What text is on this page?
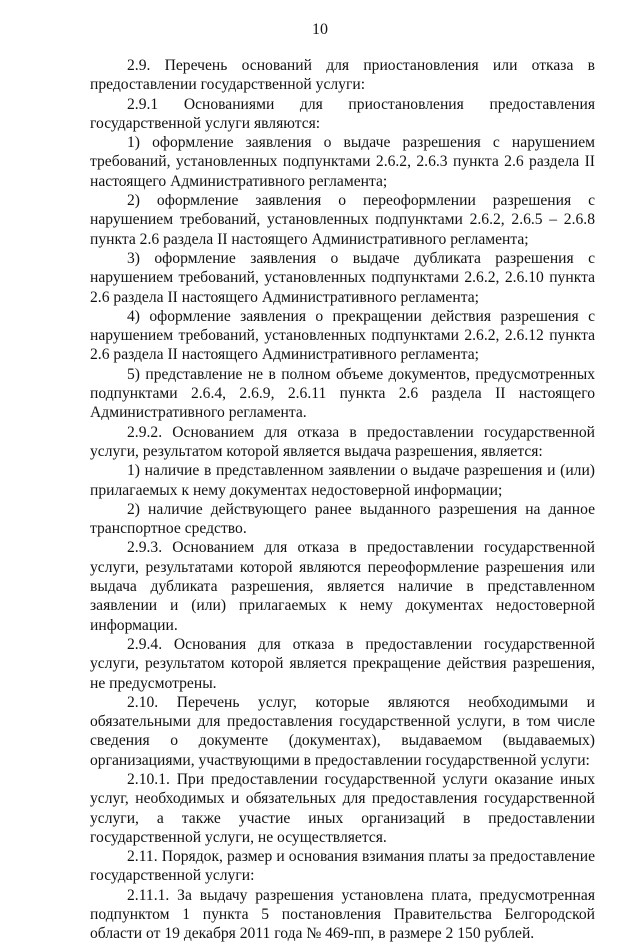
10

2.9. Перечень оснований для приостановления или отказа в предоставлении государственной услуги:

2.9.1 Основаниями для приостановления предоставления государственной услуги являются:

1) оформление заявления о выдаче разрешения с нарушением требований, установленных подпунктами 2.6.2, 2.6.3 пункта 2.6 раздела II настоящего Административного регламента;

2) оформление заявления о переоформлении разрешения с нарушением требований, установленных подпунктами 2.6.2, 2.6.5 – 2.6.8 пункта 2.6 раздела II настоящего Административного регламента;

3) оформление заявления о выдаче дубликата разрешения с нарушением требований, установленных подпунктами 2.6.2, 2.6.10 пункта 2.6 раздела II настоящего Административного регламента;

4) оформление заявления о прекращении действия разрешения с нарушением требований, установленных подпунктами 2.6.2, 2.6.12 пункта 2.6 раздела II настоящего Административного регламента;

5) представление не в полном объеме документов, предусмотренных подпунктами 2.6.4, 2.6.9, 2.6.11 пункта 2.6 раздела II настоящего Административного регламента.

2.9.2. Основанием для отказа в предоставлении государственной услуги, результатом которой является выдача разрешения, является:

1) наличие в представленном заявлении о выдаче разрешения и (или) прилагаемых к нему документах недостоверной информации;

2) наличие действующего ранее выданного разрешения на данное транспортное средство.

2.9.3. Основанием для отказа в предоставлении государственной услуги, результатами которой являются переоформление разрешения или выдача дубликата разрешения, является наличие в представленном заявлении и (или) прилагаемых к нему документах недостоверной информации.

2.9.4. Основания для отказа в предоставлении государственной услуги, результатом которой является прекращение действия разрешения, не предусмотрены.

2.10. Перечень услуг, которые являются необходимыми и обязательными для предоставления государственной услуги, в том числе сведения о документе (документах), выдаваемом (выдаваемых) организациями, участвующими в предоставлении государственной услуги:

2.10.1. При предоставлении государственной услуги оказание иных услуг, необходимых и обязательных для предоставления государственной услуги, а также участие иных организаций в предоставлении государственной услуги, не осуществляется.

2.11. Порядок, размер и основания взимания платы за предоставление государственной услуги:

2.11.1. За выдачу разрешения установлена плата, предусмотренная подпунктом 1 пункта 5 постановления Правительства Белгородской области от 19 декабря 2011 года № 469-пп, в размере 2 150 рублей.
